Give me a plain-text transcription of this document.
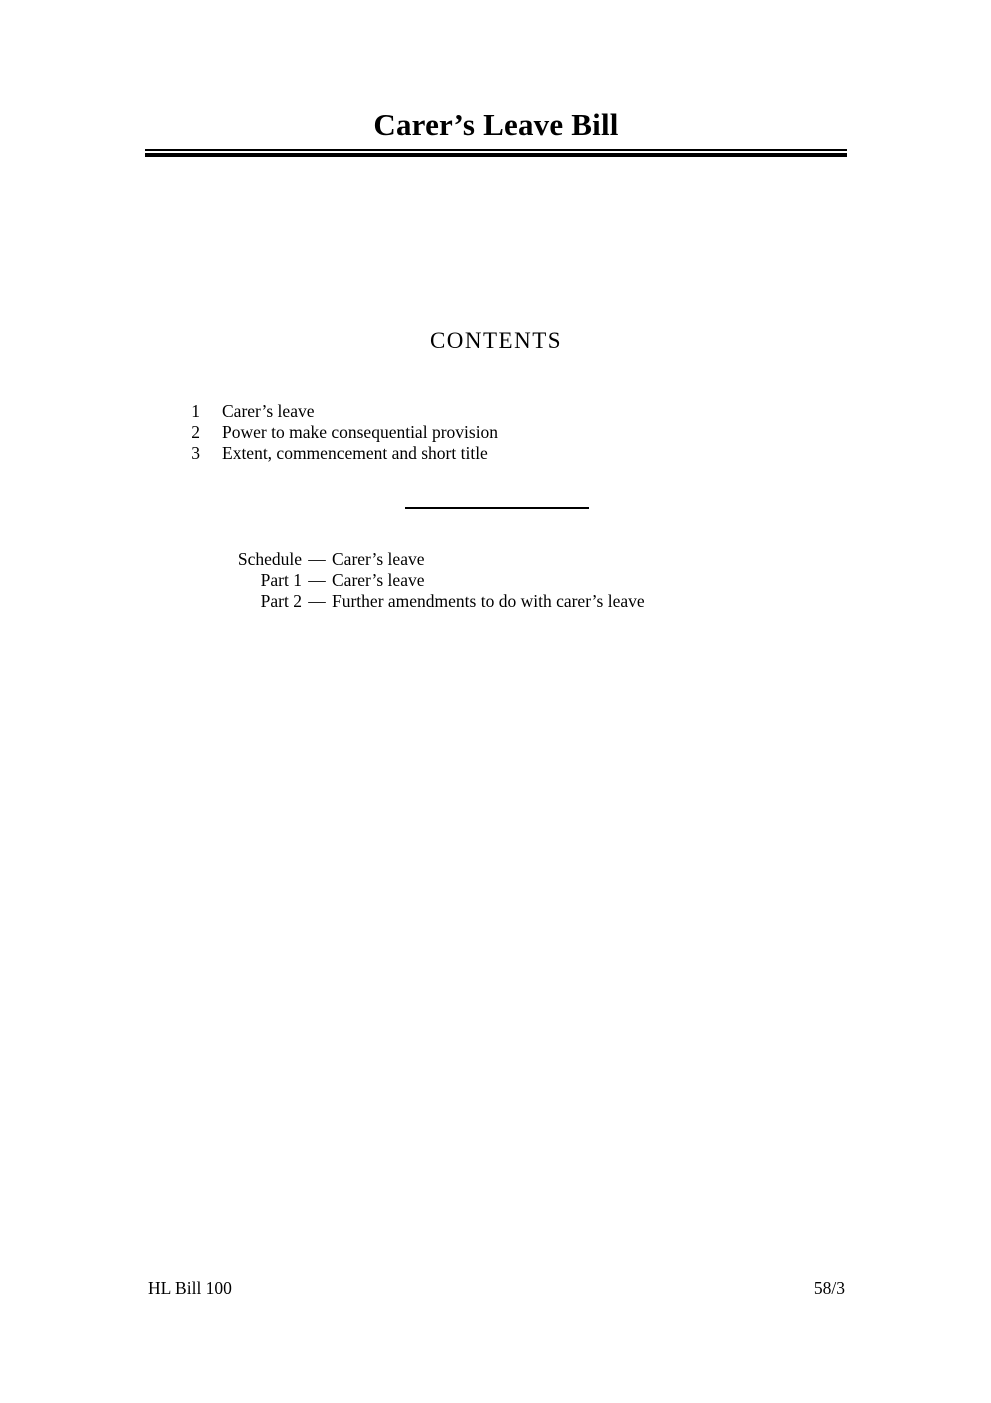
Carer’s Leave Bill
CONTENTS
1 Carer’s leave
2 Power to make consequential provision
3 Extent, commencement and short title
Schedule — Carer’s leave
Part 1 — Carer’s leave
Part 2 — Further amendments to do with carer’s leave
HL Bill 100	58/3
